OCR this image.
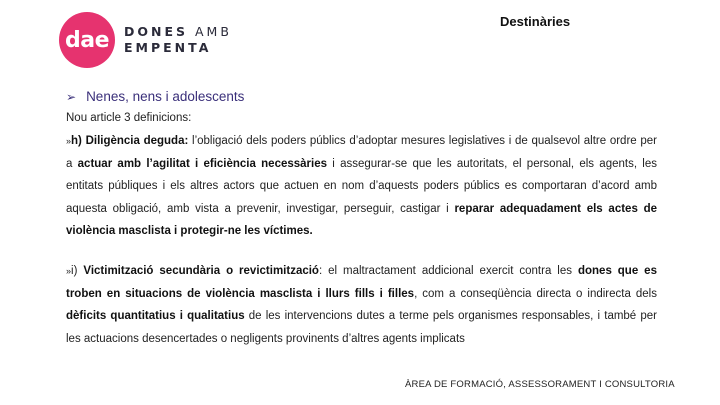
dae	DONES AMB
EMPENTA
Destinàries
➢ Nenes, nens i adolescents
Nou article 3 definicions:
»h) Diligència deguda: l’obligació dels poders públics d’adoptar mesures legislatives i de qualsevol altre ordre per a actuar amb l’agilitat i eficiència necessàries i assegurar-se que les autoritats, el personal, els agents, les entitats públiques i els altres actors que actuen en nom d’aquests poders públics es comportaran d’acord amb aquesta obligació, amb vista a prevenir, investigar, perseguir, castigar i reparar adequadament els actes de violència masclista i protegir-ne les víctimes.
»i) Victimització secundària o revictimització: el maltractament addicional exercit contra les dones que es troben en situacions de violència masclista i llurs fills i filles, com a conseqüència directa o indirecta dels dèficits quantitatius i qualitatius de les intervencions dutes a terme pels organismes responsables, i també per les actuacions desencertades o negligents provinents d’altres agents implicats
ÀREA DE FORMACIÓ, ASSESSORAMENT I CONSULTORIA
